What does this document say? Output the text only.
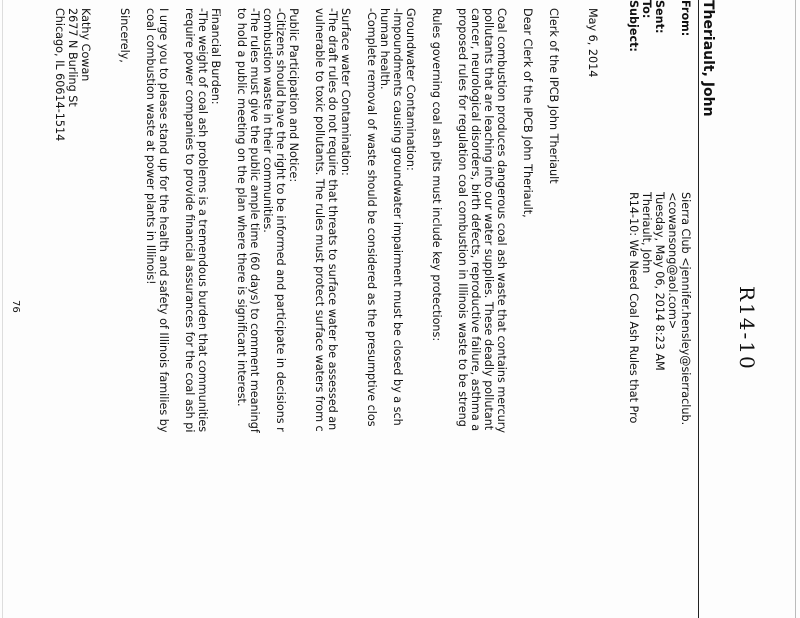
R14-10
Theriault, John
From:
Sierra Club <jennifer.hensley@sierraclub.
<cowansong@aol.com>
Sent:
Tuesday, May 06, 2014 8:23 AM
To:
Theriault, John
Subject:
R14-10: We Need Coal Ash Rules that Pro
May 6, 2014
Clerk of the IPCB John Theriault
Dear Clerk of the IPCB John Theriault,
Coal combustion produces dangerous coal ash waste that contains mercury
pollutants that are leaching into our water supplies. These deadly pollutant
cancer, neurological disorders, birth defects, reproductive failure, asthma a
proposed rules for regulation coal combustion in Illinois waste to be streng
Rules governing coal ash pits must include key protections:
Groundwater Contamination:
-Impoundments causing groundwater impairment must be closed by a sch
human health.
-Complete removal of waste should be considered as the presumptive clos
Surface water Contamination:
-The draft rules do not require that threats to surface water be assessed an
vulnerable to toxic pollutants. The rules must protect surface waters from c
Public Participation and Notice:
-Citizens should have the right to be informed and participate in decisions r
combustion waste in their communities.
-The rules must give the public ample time (60 days) to comment meaningf
to hold a public meeting on the plan where there is significant interest.
Financial Burden:
-The weight of coal ash problems is a tremendous burden that communities
require power companies to provide financial assurances for the coal ash pi
I urge you to please stand up for the health and safety of Illinois families by
coal combustion waste at power plants in Illinois!
Sincerely,
Kathy Cowan
2677 N Burling St
Chicago, IL 60614-1514
76
